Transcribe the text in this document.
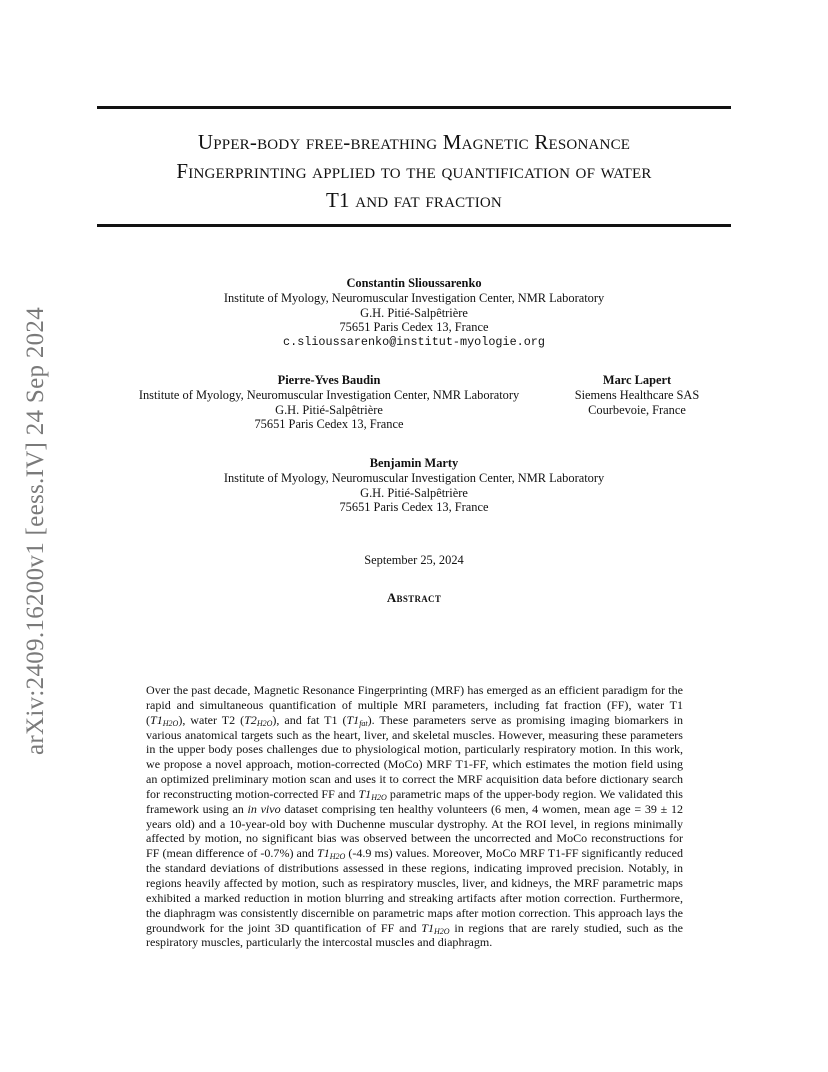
arXiv:2409.16200v1 [eess.IV] 24 Sep 2024
Upper-body free-breathing Magnetic Resonance
Fingerprinting applied to the quantification of water
T1 and fat fraction
Constantin Slioussarenko
Institute of Myology, Neuromuscular Investigation Center, NMR Laboratory
G.H. Pitié-Salpêtrière
75651 Paris Cedex 13, France
c.slioussarenko@institut-myologie.org
Pierre-Yves Baudin
Institute of Myology, Neuromuscular Investigation Center, NMR Laboratory
G.H. Pitié-Salpêtrière
75651 Paris Cedex 13, France
Marc Lapert
Siemens Healthcare SAS
Courbevoie, France
Benjamin Marty
Institute of Myology, Neuromuscular Investigation Center, NMR Laboratory
G.H. Pitié-Salpêtrière
75651 Paris Cedex 13, France
September 25, 2024
Abstract

Over the past decade, Magnetic Resonance Fingerprinting (MRF) has emerged as an efficient paradigm for the rapid and simultaneous quantification of multiple MRI parameters, including fat fraction (FF), water T1 $(T1_{H2O})$, water T2 $(T2_{H2O})$, and fat T1 $(T1_{fat})$. These parameters serve as promising imaging biomarkers in various anatomical targets such as the heart, liver, and skeletal muscles. However, measuring these parameters in the upper body poses challenges due to physiological motion, particularly respiratory motion. In this work, we propose a novel approach, motion-corrected (MoCo) MRF T1-FF, which estimates the motion field using an optimized preliminary motion scan and uses it to correct the MRF acquisition data before dictionary search for reconstructing motion-corrected FF and $T1_{H2O}$ parametric maps of the upper-body region. We validated this framework using an in vivo dataset comprising ten healthy volunteers (6 men, 4 women, mean age = 39 ± 12 years old) and a 10-year-old boy with Duchenne muscular dystrophy. At the ROI level, in regions minimally affected by motion, no significant bias was observed between the uncorrected and MoCo reconstructions for FF (mean difference of -0.7%) and $T1_{H2O}$ (-4.9 ms) values. Moreover, MoCo MRF T1-FF significantly reduced the standard deviations of distributions assessed in these regions, indicating improved precision. Notably, in regions heavily affected by motion, such as respiratory muscles, liver, and kidneys, the MRF parametric maps exhibited a marked reduction in motion blurring and streaking artifacts after motion correction. Furthermore, the diaphragm was consistently discernible on parametric maps after motion correction. This approach lays the groundwork for the joint 3D quantification of FF and $T1_{H2O}$ in regions that are rarely studied, such as the respiratory muscles, particularly the intercostal muscles and diaphragm.
